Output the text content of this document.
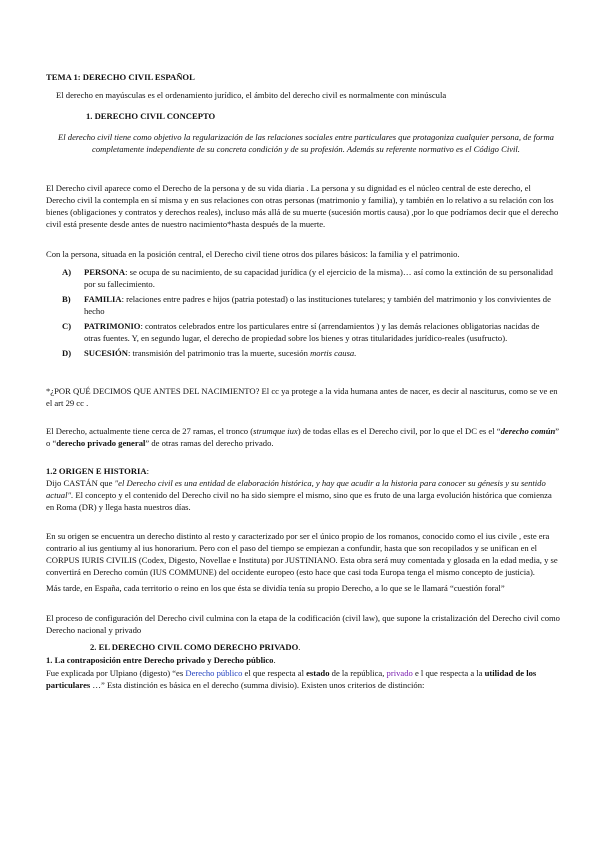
TEMA 1: DERECHO CIVIL ESPAÑOL

El derecho en mayúsculas es el ordenamiento jurídico, el ámbito del derecho civil es normalmente con minúscula

1. DERECHO CIVIL CONCEPTO

El derecho civil tiene como objetivo la regularización de las relaciones sociales entre particulares que protagoniza cualquier persona, de forma completamente independiente de su concreta condición y de su profesión. Además su referente normativo es el Código Civil.

El Derecho civil aparece como el Derecho de la persona y de su vida diaria . La persona y su dignidad es el núcleo central de este derecho, el Derecho civil la contempla en sí misma y en sus relaciones con otras personas (matrimonio y familia), y también en lo relativo a su relación con los bienes (obligaciones y contratos y derechos reales), incluso más allá de su muerte (sucesión mortis causa) ,por lo que podríamos decir que el derecho civil está presente desde antes de nuestro nacimiento*hasta después de la muerte.

Con la persona, situada en la posición central, el Derecho civil tiene otros dos pilares básicos: la familia y el patrimonio.

A)	PERSONA: se ocupa de su nacimiento, de su capacidad jurídica (y el ejercicio de la misma)… así como la extinción de su personalidad por su fallecimiento.
B)	FAMILIA: relaciones entre padres e hijos (patria potestad) o las instituciones tutelares; y también del matrimonio y los convivientes de hecho
C)	PATRIMONIO: contratos celebrados entre los particulares entre sí (arrendamientos ) y las demás relaciones obligatorias nacidas de otras fuentes. Y, en segundo lugar, el derecho de propiedad sobre los bienes y otras titularidades jurídico-reales (usufructo).
D)	SUCESIÓN: transmisión del patrimonio tras la muerte, sucesión mortis causa.

*¿POR QUÉ DECIMOS QUE ANTES DEL NACIMIENTO? El cc ya protege a la vida humana antes de nacer, es decir al nasciturus, como se ve en el art 29 cc .

El Derecho, actualmente tiene cerca de 27 ramas, el tronco (strumque iux) de todas ellas es el Derecho civil, por lo que el DC es el “derecho común” o “derecho privado general” de otras ramas del derecho privado.

1.2 ORIGEN E HISTORIA:

Dijo CASTÁN que "el Derecho civil es una entidad de elaboración histórica, y hay que acudir a la historia para conocer su génesis y su sentido actual". El concepto y el contenido del Derecho civil no ha sido siempre el mismo, sino que es fruto de una larga evolución histórica que comienza en Roma (DR) y llega hasta nuestros días.

En su origen se encuentra un derecho distinto al resto y caracterizado por ser el único propio de los romanos, conocido como el ius civile , este era contrario al ius gentiumy al ius honorarium. Pero con el paso del tiempo se empiezan a confundir, hasta que son recopilados y se unifican en el CORPUS IURIS CIVILIS (Codex, Digesto, Novellae e Instituta) por JUSTINIANO. Esta obra será muy comentada y glosada en la edad media, y se convertirá en Derecho común (IUS COMMUNE) del occidente europeo (esto hace que casi toda Europa tenga el mismo concepto de justicia).

Más tarde, en España, cada territorio o reino en los que ésta se dividía tenía su propio Derecho, a lo que se le llamará “cuestión foral”

El proceso de configuración del Derecho civil culmina con la etapa de la codificación (civil law), que supone la cristalización del Derecho civil como Derecho nacional y privado

2. EL DERECHO CIVIL COMO DERECHO PRIVADO.

1. La contraposición entre Derecho privado y Derecho público.

Fue explicada por Ulpiano (digesto) “es Derecho público el que respecta al estado de la república, privado e l que respecta a la utilidad de los particulares …” Esta distinción es básica en el derecho (summa divisio). Existen unos criterios de distinción:
